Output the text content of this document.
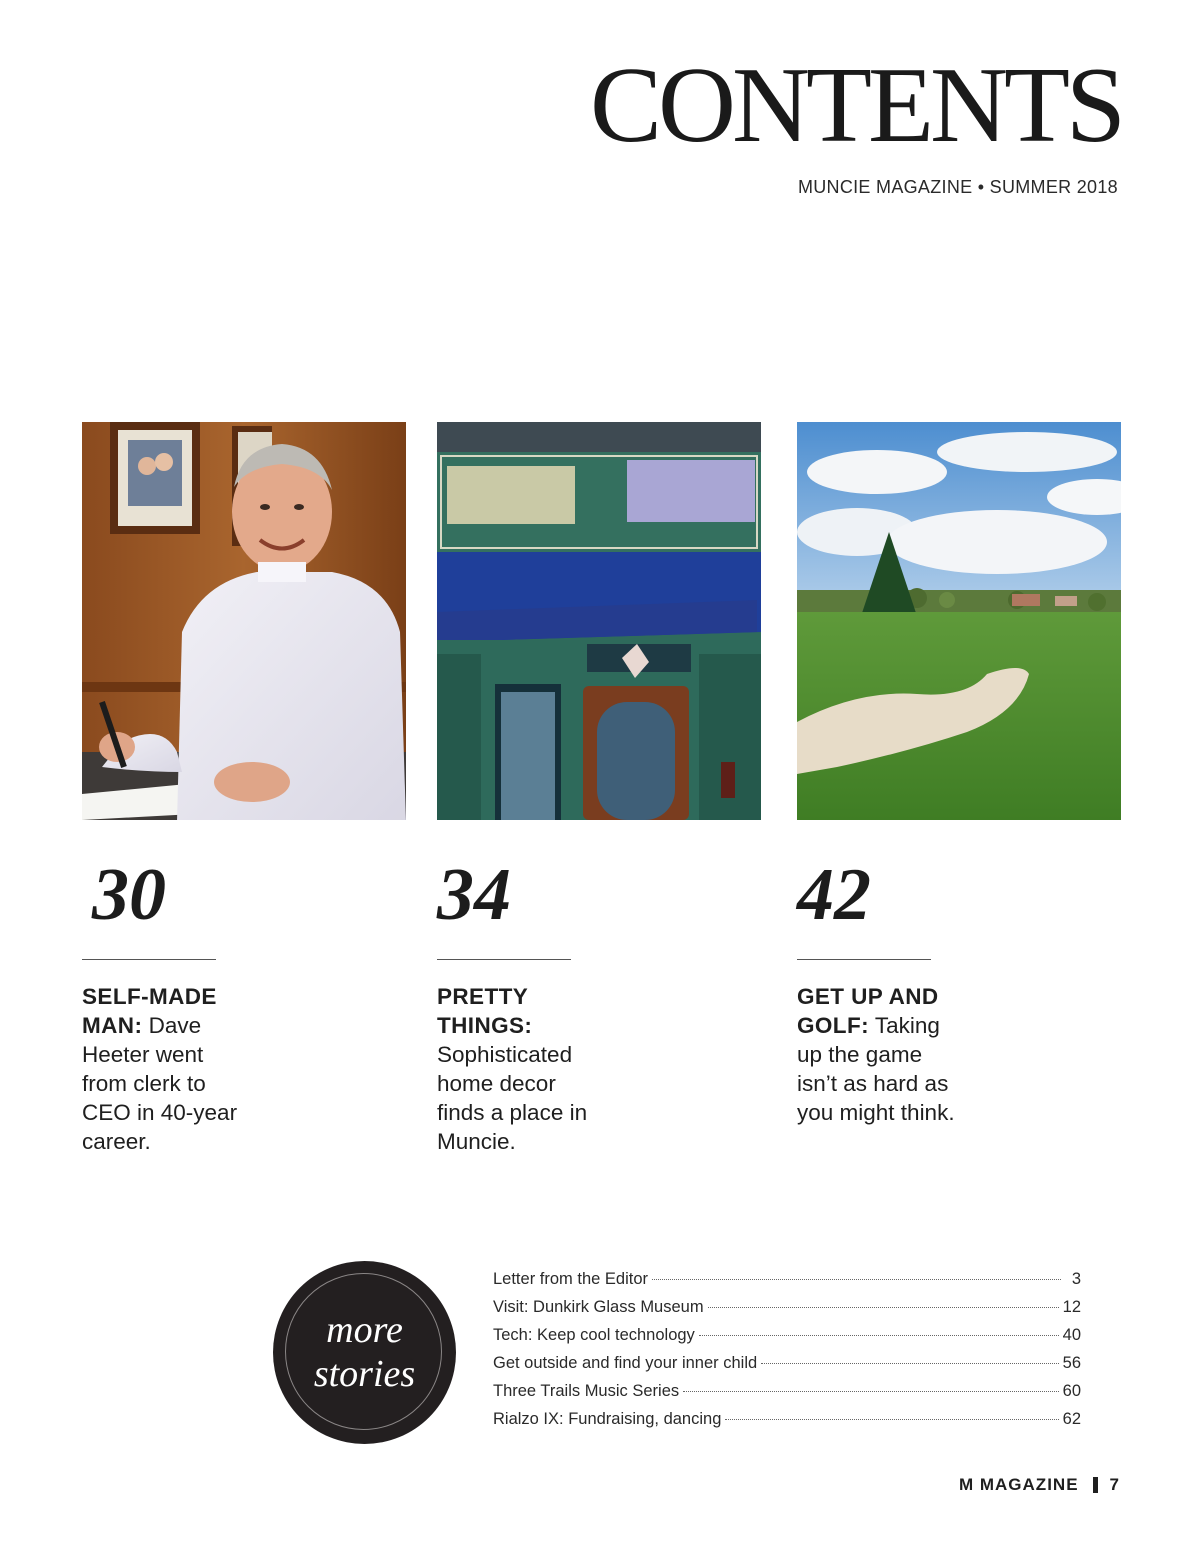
CONTENTS
MUNCIE MAGAZINE • SUMMER 2018
30
SELF-MADE MAN: Dave Heeter went from clerk to CEO in 40-year career.
34
PRETTY THINGS: Sophisticated home decor finds a place in Muncie.
42
GET UP AND GOLF: Taking up the game isn’t as hard as you might think.
more
stories
Letter from the Editor	3
Visit: Dunkirk Glass Museum	12
Tech: Keep cool technology	40
Get outside and find your inner child	56
Three Trails Music Series	60
Rialzo IX: Fundraising, dancing	62
M MAGAZINE 7
